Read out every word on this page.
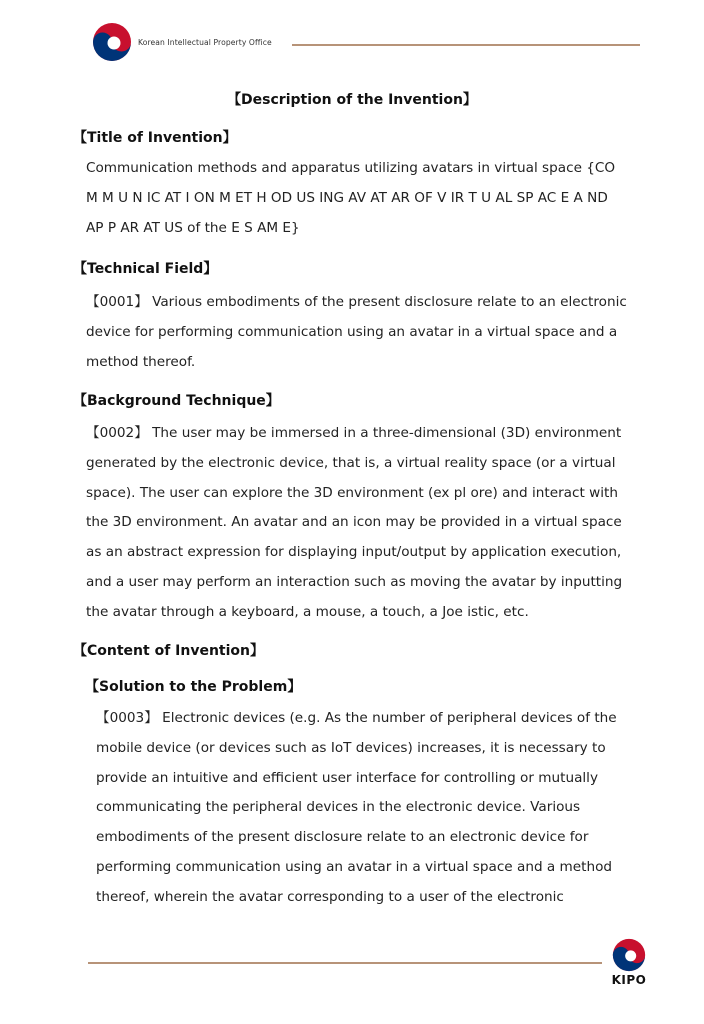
Korean Intellectual Property Office
【Description of the Invention】
【Title of Invention】
Communication methods and apparatus utilizing avatars in virtual space {CO
M M U N IC AT I ON M ET H OD US ING AV AT AR OF V IR T U AL SP AC E A ND
AP P AR AT US of the E S AM E}
【Technical Field】
【0001】 Various embodiments of the present disclosure relate to an electronic
device for performing communication using an avatar in a virtual space and a
method thereof.
【Background Technique】
【0002】 The user may be immersed in a three-dimensional (3D) environment
generated by the electronic device, that is, a virtual reality space (or a virtual
space). The user can explore the 3D environment (ex pl ore) and interact with
the 3D environment. An avatar and an icon may be provided in a virtual space
as an abstract expression for displaying input/output by application execution,
and a user may perform an interaction such as moving the avatar by inputting
the avatar through a keyboard, a mouse, a touch, a Joe istic, etc.
【Content of Invention】
【Solution to the Problem】
【0003】 Electronic devices (e.g. As the number of peripheral devices of the
mobile device (or devices such as IoT devices) increases, it is necessary to
provide an intuitive and efficient user interface for controlling or mutually
communicating the peripheral devices in the electronic device. Various
embodiments of the present disclosure relate to an electronic device for
performing communication using an avatar in a virtual space and a method
thereof, wherein the avatar corresponding to a user of the electronic
KIPO
